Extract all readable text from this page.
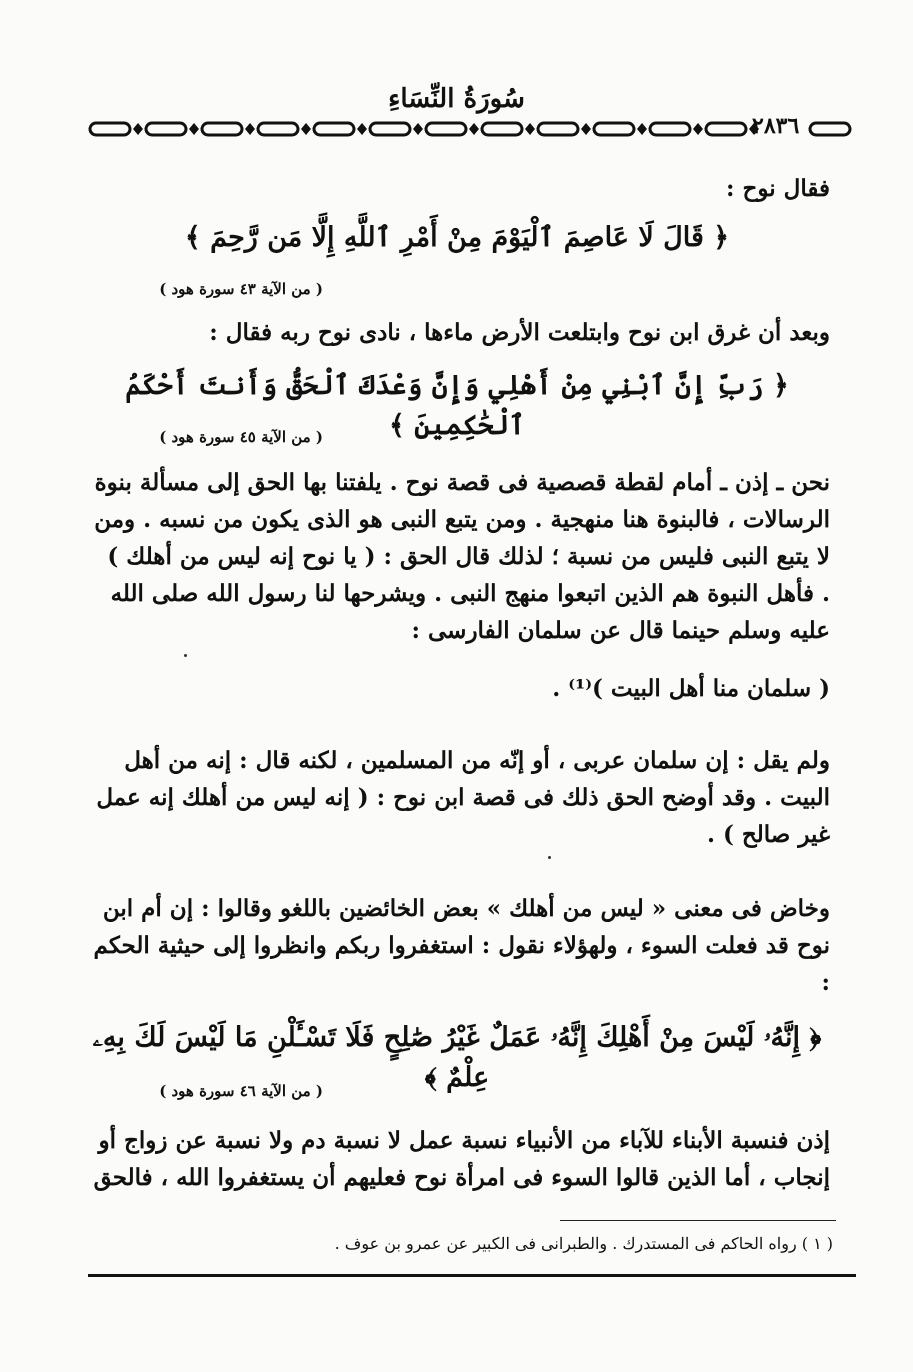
سُورَةُ النِّسَاءِ
٢٨٣٦
فقال نوح :
﴿ قَالَ لَا عَاصِمَ ٱلْيَوْمَ مِنْ أَمْرِ ٱللَّهِ إِلَّا مَن رَّحِمَ ﴾
( من الآية ٤٣ سورة هود )
وبعد أن غرق ابن نوح وابتلعت الأرض ماءها ، نادى نوح ربه فقال :
﴿ رَبِّ إِنَّ ٱبْنِي مِنْ أَهْلِي وَإِنَّ وَعْدَكَ ٱلْحَقُّ وَأَنتَ أَحْكَمُ ٱلْحَٰكِمِينَ ﴾
( من الآية ٤٥ سورة هود )
نحن ـ إذن ـ أمام لقطة قصصية فى قصة نوح . يلفتنا بها الحق إلى مسألة بنوة الرسالات ، فالبنوة هنا منهجية . ومن يتبع النبى هو الذى يكون من نسبه . ومن لا يتبع النبى فليس من نسبة ؛ لذلك قال الحق : ( يا نوح إنه ليس من أهلك ) . فأهل النبوة هم الذين اتبعوا منهج النبى . ويشرحها لنا رسول الله صلى الله عليه وسلم حينما قال عن سلمان الفارسى :
( سلمان منا أهل البيت )⁽¹⁾ .
ولم يقل : إن سلمان عربى ، أو إنّه من المسلمين ، لكنه قال : إنه من أهل البيت . وقد أوضح الحق ذلك فى قصة ابن نوح : ( إنه ليس من أهلك إنه عمل غير صالح ) .
وخاض فى معنى « ليس من أهلك » بعض الخائضين باللغو وقالوا : إن أم ابن نوح قد فعلت السوء ، ولهؤلاء نقول : استغفروا ربكم وانظروا إلى حيثية الحكم :
﴿ إِنَّهُۥ لَيْسَ مِنْ أَهْلِكَ إِنَّهُۥ عَمَلٌ غَيْرُ صَٰلِحٍ فَلَا تَسْـَٔلْنِ مَا لَيْسَ لَكَ بِهِۦ عِلْمٌ ﴾
( من الآية ٤٦ سورة هود )
إذن فنسبة الأبناء للآباء من الأنبياء نسبة عمل لا نسبة دم ولا نسبة عن زواج أو إنجاب ، أما الذين قالوا السوء فى امرأة نوح فعليهم أن يستغفروا الله ، فالحق
( ١ ) رواه الحاكم فى المستدرك . والطبرانى فى الكبير عن عمرو بن عوف .
